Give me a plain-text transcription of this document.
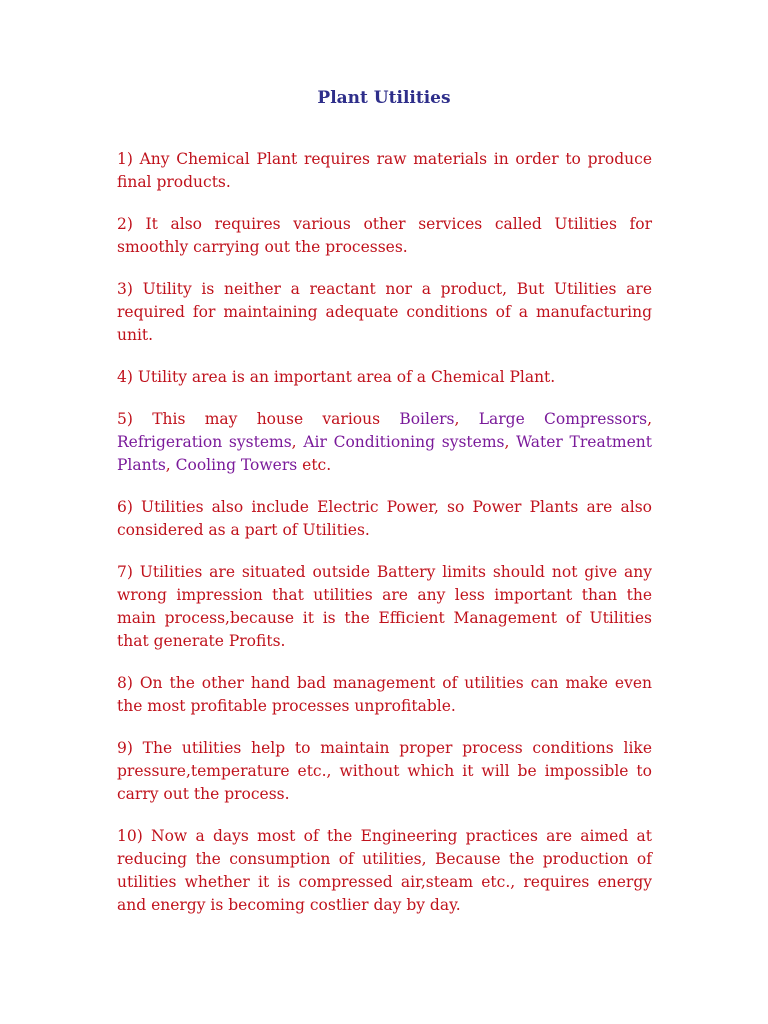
Plant Utilities

1) Any Chemical Plant requires raw materials in order to produce final products.

2) It also requires various other services called Utilities for smoothly carrying out the processes.

3) Utility is neither a reactant nor a product, But Utilities are required for maintaining adequate conditions of a manufacturing unit.

4) Utility area is an important area of a Chemical Plant.

5) This may house various Boilers, Large Compressors, Refrigeration systems, Air Conditioning systems, Water Treatment Plants, Cooling Towers etc.

6) Utilities also include Electric Power, so Power Plants are also considered as a part of Utilities.

7) Utilities are situated outside Battery limits should not give any wrong impression that utilities are any less important than the main process,because it is the Efficient Management of Utilities that generate Profits.

8) On the other hand bad management of utilities can make even the most profitable processes unprofitable.

9) The utilities help to maintain proper process conditions like pressure,temperature etc., without which it will be impossible to carry out the process.

10) Now a days most of the Engineering practices are aimed at reducing the consumption of utilities, Because the production of utilities whether it is compressed air,steam etc., requires energy and energy is becoming costlier day by day.
